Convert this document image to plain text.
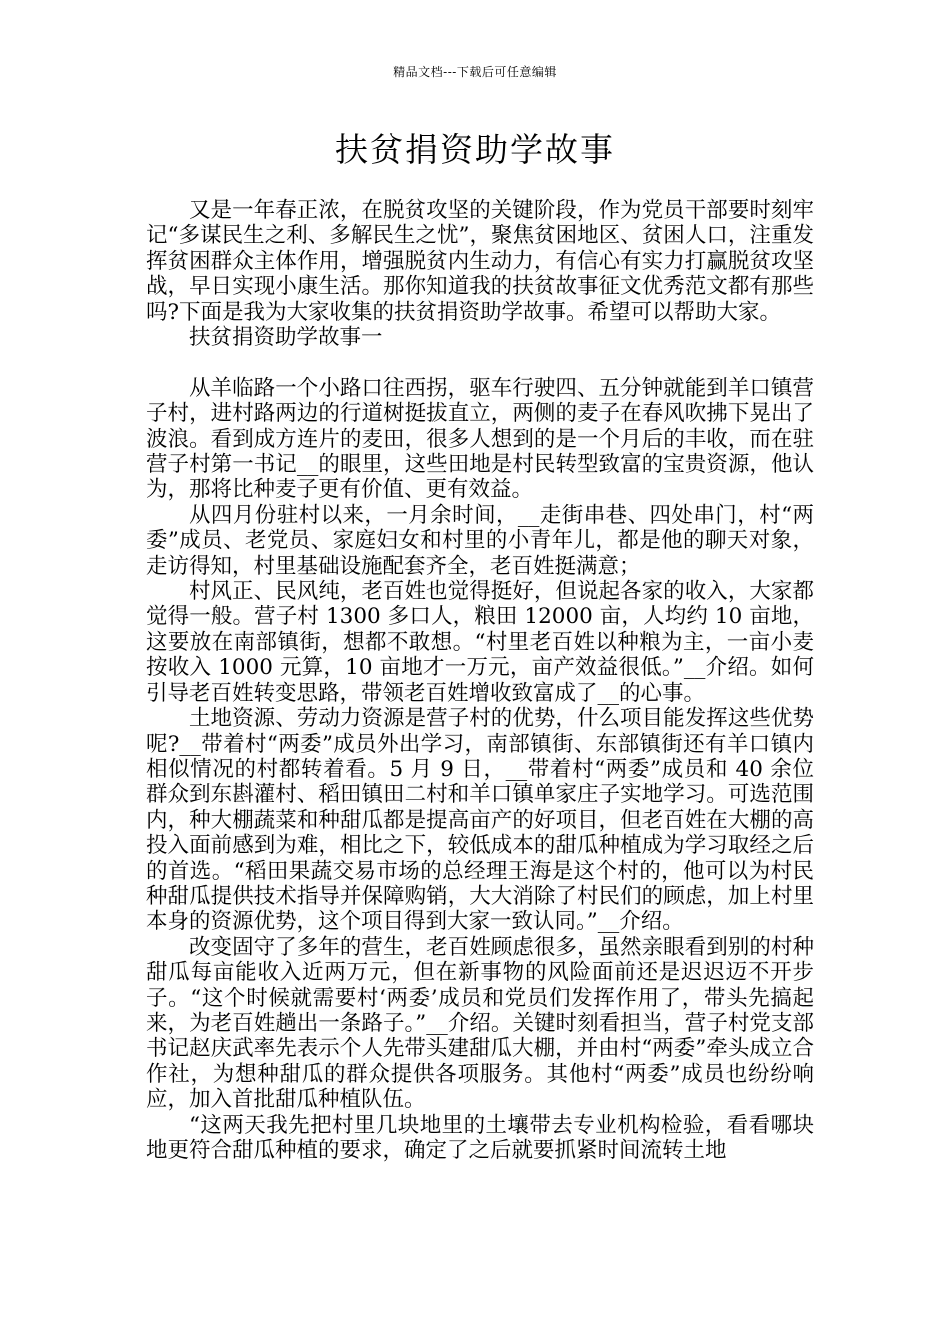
精品文档---下载后可任意编辑
扶贫捐资助学故事

又是一年春正浓，在脱贫攻坚的关键阶段，作为党员干部要时刻牢记“多谋民生之利、多解民生之忧”，聚焦贫困地区、贫困人口，注重发挥贫困群众主体作用，增强脱贫内生动力，有信心有实力打赢脱贫攻坚战，早日实现小康生活。那你知道我的扶贫故事征文优秀范文都有那些吗?下面是我为大家收集的扶贫捐资助学故事。希望可以帮助大家。

扶贫捐资助学故事一

从羊临路一个小路口往西拐，驱车行驶四、五分钟就能到羊口镇营子村，进村路两边的行道树挺拔直立，两侧的麦子在春风吹拂下晃出了波浪。看到成方连片的麦田，很多人想到的是一个月后的丰收，而在驻营子村第一书记__的眼里，这些田地是村民转型致富的宝贵资源，他认为，那将比种麦子更有价值、更有效益。

从四月份驻村以来，一月余时间，__走街串巷、四处串门，村“两委”成员、老党员、家庭妇女和村里的小青年儿，都是他的聊天对象，走访得知，村里基础设施配套齐全，老百姓挺满意；

村风正、民风纯，老百姓也觉得挺好，但说起各家的收入，大家都觉得一般。营子村 1300 多口人，粮田 12000 亩，人均约 10 亩地，这要放在南部镇街，想都不敢想。“村里老百姓以种粮为主，一亩小麦按收入 1000 元算，10 亩地才一万元，亩产效益很低。”__介绍。如何引导老百姓转变思路，带领老百姓增收致富成了__的心事。

土地资源、劳动力资源是营子村的优势，什么项目能发挥这些优势呢?__带着村“两委”成员外出学习，南部镇街、东部镇街还有羊口镇内相似情况的村都转着看。5 月 9 日，__带着村“两委”成员和 40 余位群众到东斟灌村、稻田镇田二村和羊口镇单家庄子实地学习。可选范围内，种大棚蔬菜和种甜瓜都是提高亩产的好项目，但老百姓在大棚的高投入面前感到为难，相比之下，较低成本的甜瓜种植成为学习取经之后的首选。“稻田果蔬交易市场的总经理王海是这个村的，他可以为村民种甜瓜提供技术指导并保障购销，大大消除了村民们的顾虑，加上村里本身的资源优势，这个项目得到大家一致认同。”__介绍。

改变固守了多年的营生，老百姓顾虑很多，虽然亲眼看到别的村种甜瓜每亩能收入近两万元，但在新事物的风险面前还是迟迟迈不开步子。“这个时候就需要村‘两委’成员和党员们发挥作用了，带头先搞起来，为老百姓趟出一条路子。”__介绍。关键时刻看担当，营子村党支部书记赵庆武率先表示个人先带头建甜瓜大棚，并由村“两委”牵头成立合作社，为想种甜瓜的群众提供各项服务。其他村“两委”成员也纷纷响应，加入首批甜瓜种植队伍。

“这两天我先把村里几块地里的土壤带去专业机构检验，看看哪块地更符合甜瓜种植的要求，确定了之后就要抓紧时间流转土地
